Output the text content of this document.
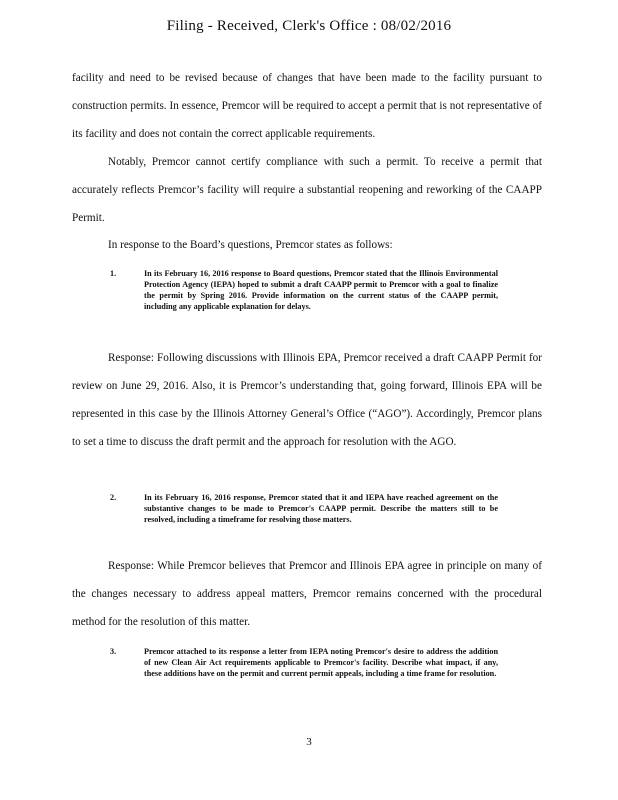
Filing - Received, Clerk's Office : 08/02/2016

facility and need to be revised because of changes that have been made to the facility pursuant to construction permits. In essence, Premcor will be required to accept a permit that is not representative of its facility and does not contain the correct applicable requirements.

Notably, Premcor cannot certify compliance with such a permit. To receive a permit that accurately reflects Premcor’s facility will require a substantial reopening and reworking of the CAAPP Permit.

In response to the Board’s questions, Premcor states as follows:

1.	In its February 16, 2016 response to Board questions, Premcor stated that the Illinois Environmental Protection Agency (IEPA) hoped to submit a draft CAAPP permit to Premcor with a goal to finalize the permit by Spring 2016. Provide information on the current status of the CAAPP permit, including any applicable explanation for delays.

Response: Following discussions with Illinois EPA, Premcor received a draft CAAPP Permit for review on June 29, 2016. Also, it is Premcor’s understanding that, going forward, Illinois EPA will be represented in this case by the Illinois Attorney General’s Office (“AGO”). Accordingly, Premcor plans to set a time to discuss the draft permit and the approach for resolution with the AGO.

2.	In its February 16, 2016 response, Premcor stated that it and IEPA have reached agreement on the substantive changes to be made to Premcor's CAAPP permit. Describe the matters still to be resolved, including a timeframe for resolving those matters.

Response: While Premcor believes that Premcor and Illinois EPA agree in principle on many of the changes necessary to address appeal matters, Premcor remains concerned with the procedural method for the resolution of this matter.

3.	Premcor attached to its response a letter from IEPA noting Premcor's desire to address the addition of new Clean Air Act requirements applicable to Premcor's facility. Describe what impact, if any, these additions have on the permit and current permit appeals, including a time frame for resolution.
3
